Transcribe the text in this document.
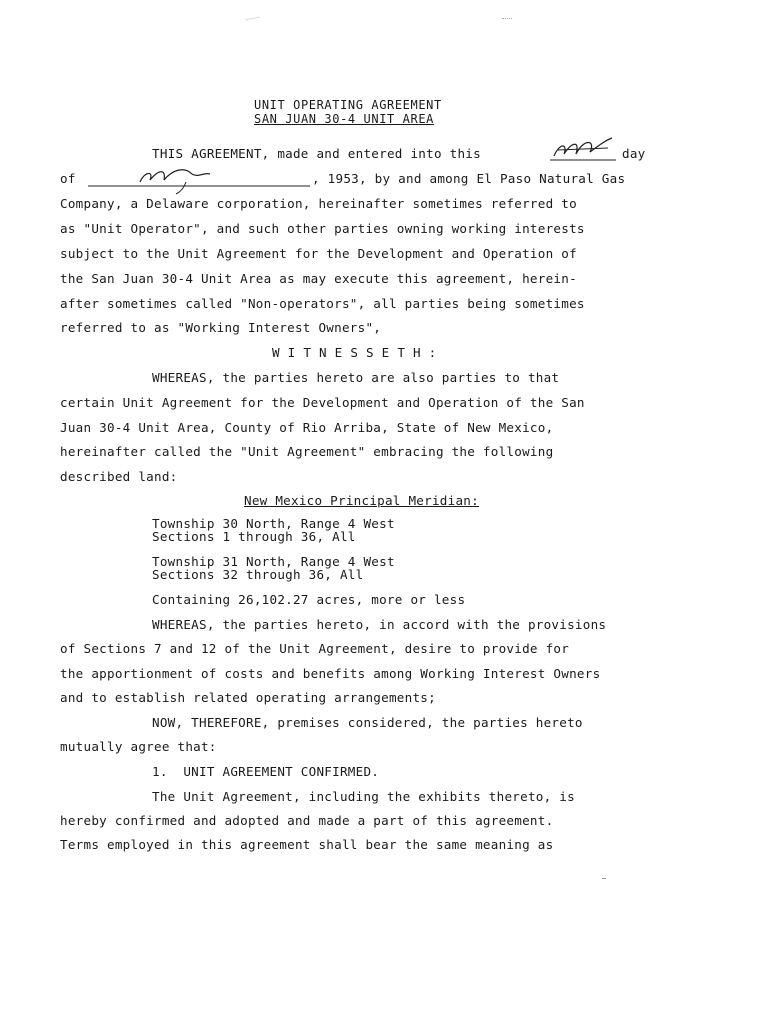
UNIT OPERATING AGREEMENT
SAN JUAN 30-4 UNIT AREA
THIS AGREEMENT, made and entered into this	day
of	, 1953, by and among El Paso Natural Gas
Company, a Delaware corporation, hereinafter sometimes referred to
as "Unit Operator", and such other parties owning working interests
subject to the Unit Agreement for the Development and Operation of
the San Juan 30-4 Unit Area as may execute this agreement, herein-
after sometimes called "Non-operators", all parties being sometimes
referred to as "Working Interest Owners",
W I T N E S S E T H :
WHEREAS, the parties hereto are also parties to that
certain Unit Agreement for the Development and Operation of the San
Juan 30-4 Unit Area, County of Rio Arriba, State of New Mexico,
hereinafter called the "Unit Agreement" embracing the following
described land:
New Mexico Principal Meridian:
Township 30 North, Range 4 West
Sections 1 through 36, All
Township 31 North, Range 4 West
Sections 32 through 36, All
Containing 26,102.27 acres, more or less
WHEREAS, the parties hereto, in accord with the provisions
of Sections 7 and 12 of the Unit Agreement, desire to provide for
the apportionment of costs and benefits among Working Interest Owners
and to establish related operating arrangements;
NOW, THEREFORE, premises considered, the parties hereto
mutually agree that:
1.  UNIT AGREEMENT CONFIRMED.
The Unit Agreement, including the exhibits thereto, is
hereby confirmed and adopted and made a part of this agreement.
Terms employed in this agreement shall bear the same meaning as
